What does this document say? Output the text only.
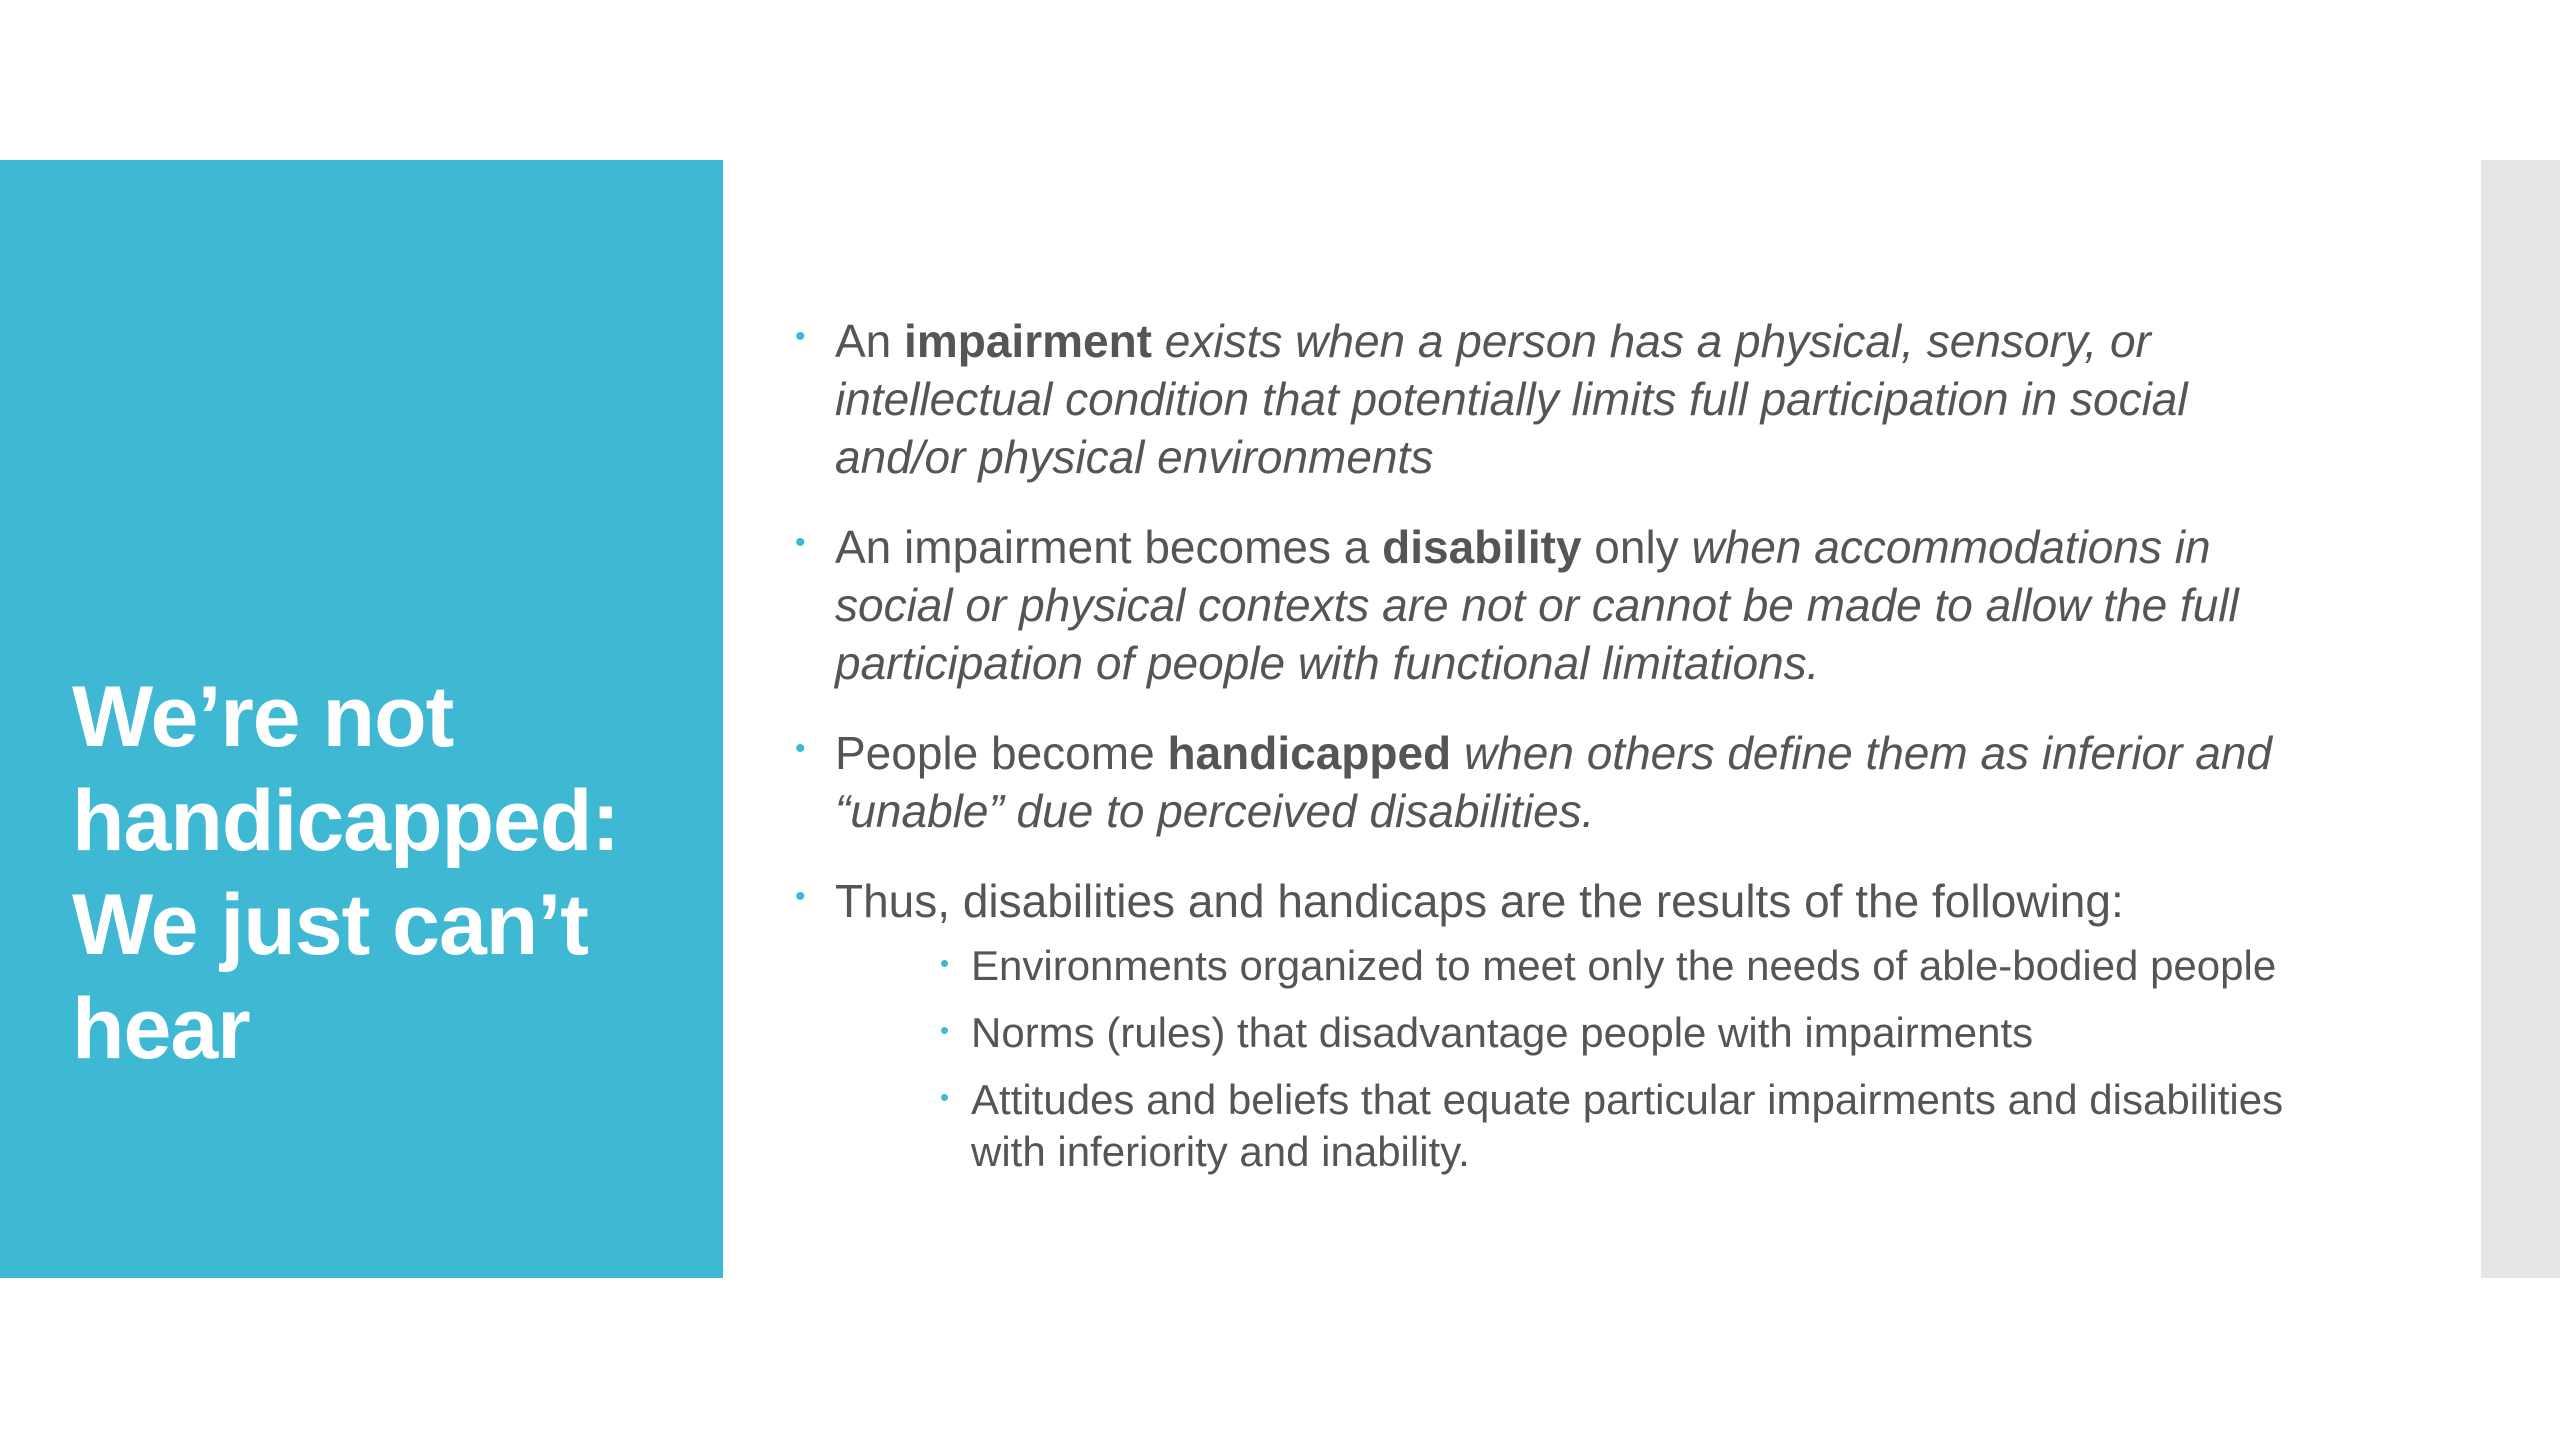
We’re not
handicapped:
We just can’t
hear
• An impairment exists when a person has a physical, sensory, or intellectual condition that potentially limits full participation in social and/or physical environments
• An impairment becomes a disability only when accommodations in social or physical contexts are not or cannot be made to allow the full participation of people with functional limitations.
• People become handicapped when others define them as inferior and “unable” due to perceived disabilities.
• Thus, disabilities and handicaps are the results of the following:
• Environments organized to meet only the needs of able-bodied people
• Norms (rules) that disadvantage people with impairments
• Attitudes and beliefs that equate particular impairments and disabilities with inferiority and inability.
